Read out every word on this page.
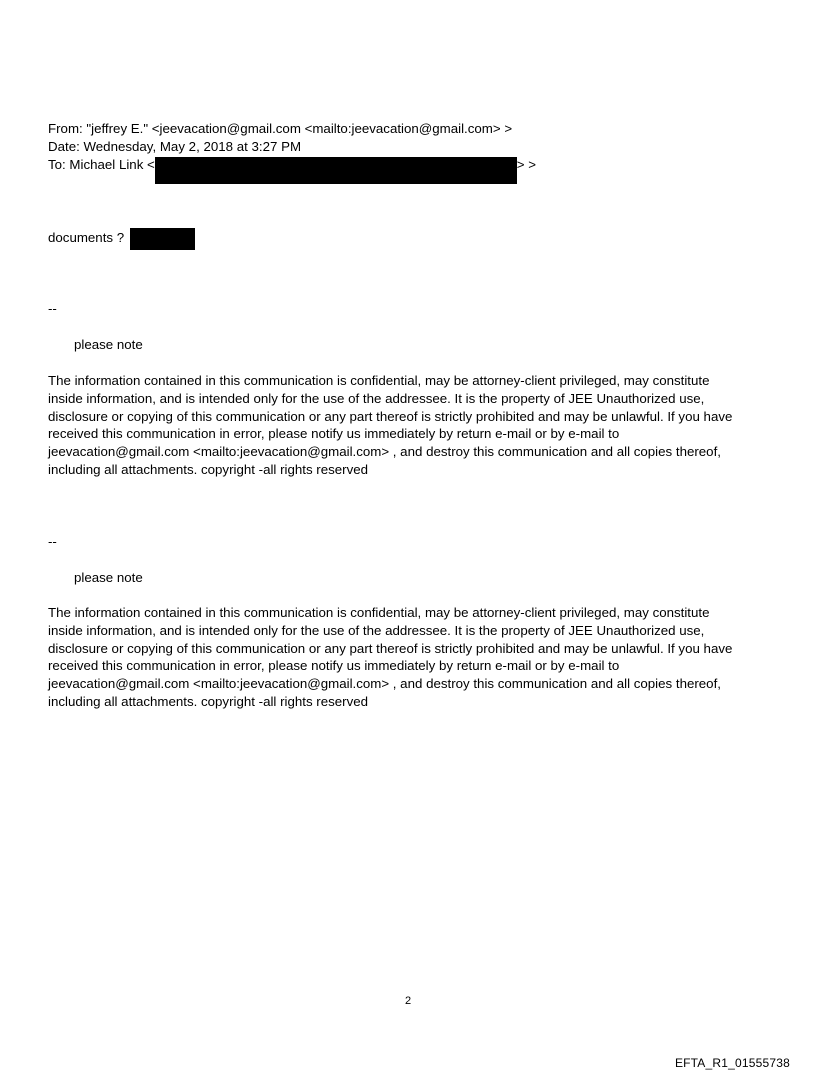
From: "jeffrey E." <jeevacation@gmail.com <mailto:jeevacation@gmail.com> >
Date: Wednesday, May 2, 2018 at 3:27 PM
To: Michael Link <	> >
documents ?
--
please note
The information contained in this communication is confidential, may be attorney-client privileged, may constitute
inside information, and is intended only for the use of the addressee. It is the property of JEE Unauthorized use,
disclosure or copying of this communication or any part thereof is strictly prohibited and may be unlawful. If you have
received this communication in error, please notify us immediately by return e-mail or by e-mail to
jeevacation@gmail.com <mailto:jeevacation@gmail.com> , and destroy this communication and all copies thereof,
including all attachments. copyright -all rights reserved
--
please note
The information contained in this communication is confidential, may be attorney-client privileged, may constitute
inside information, and is intended only for the use of the addressee. It is the property of JEE Unauthorized use,
disclosure or copying of this communication or any part thereof is strictly prohibited and may be unlawful. If you have
received this communication in error, please notify us immediately by return e-mail or by e-mail to
jeevacation@gmail.com <mailto:jeevacation@gmail.com> , and destroy this communication and all copies thereof,
including all attachments. copyright -all rights reserved
2
EFTA_R1_01555738
